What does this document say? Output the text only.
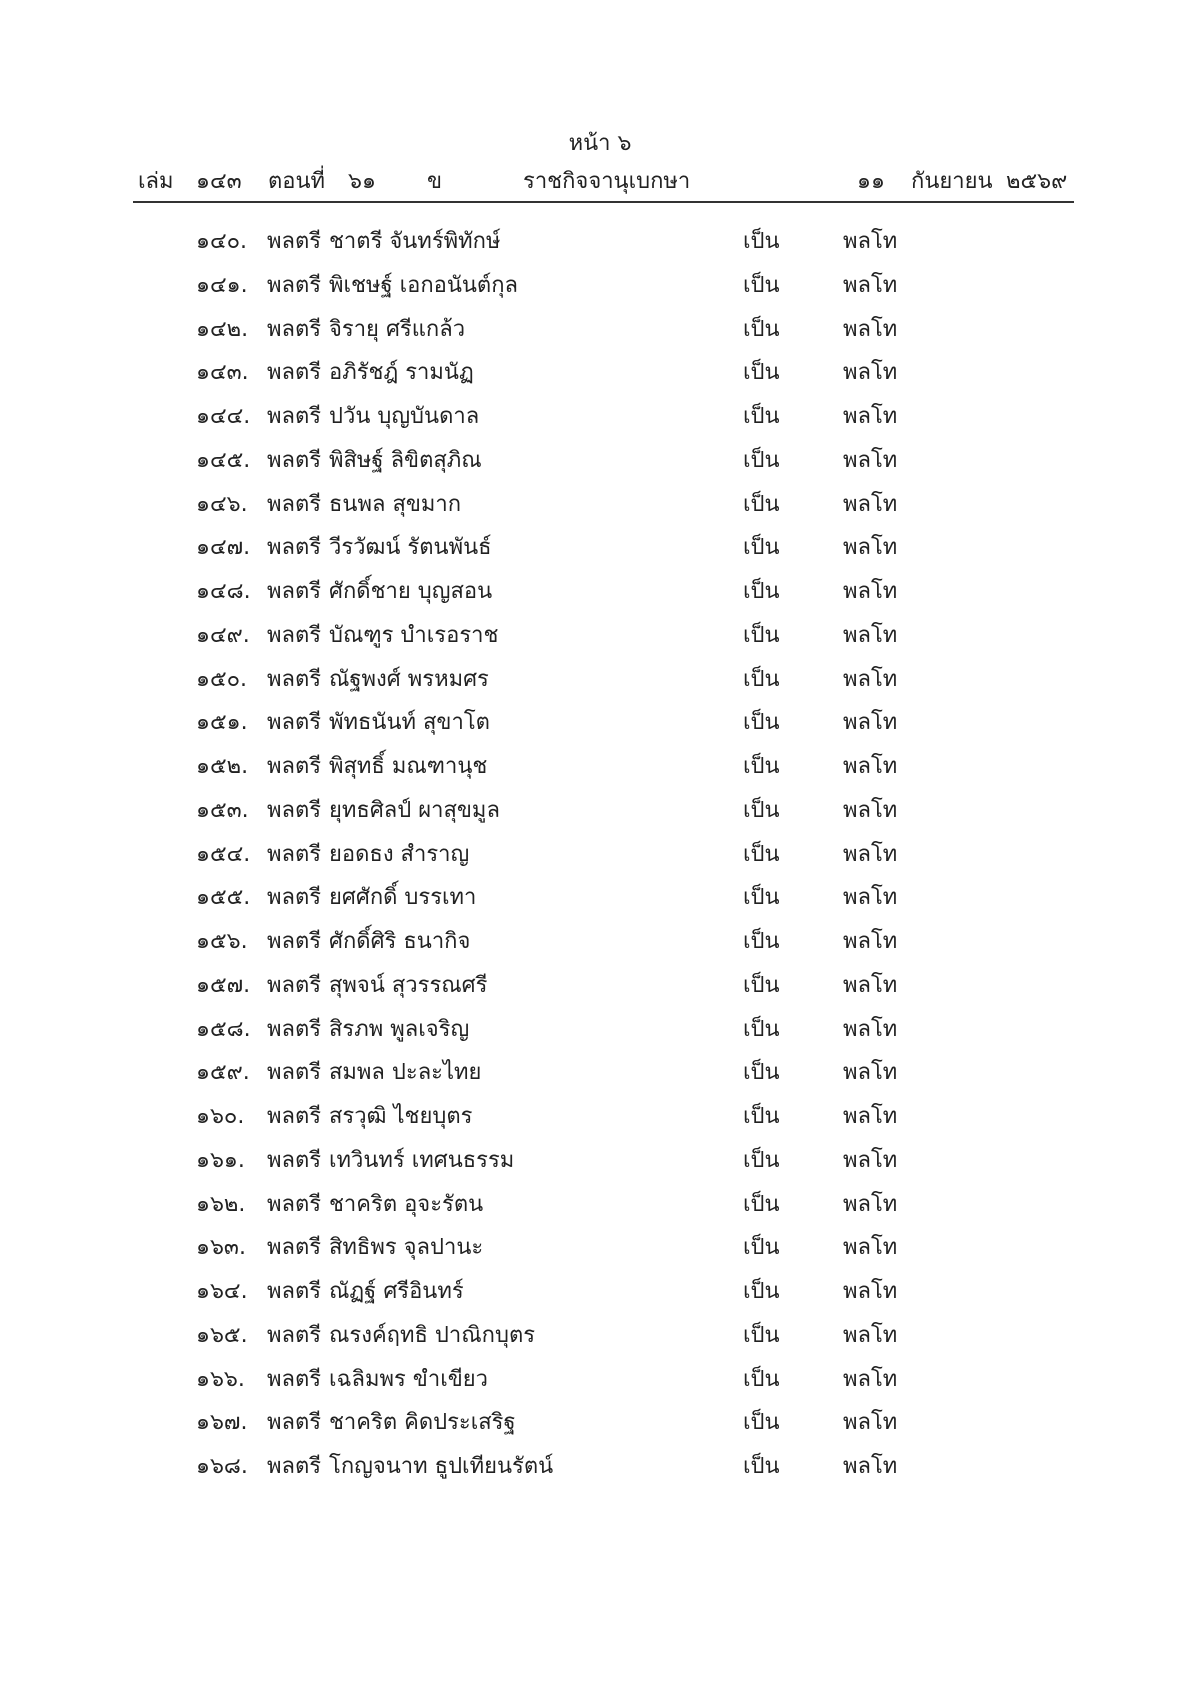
หน้า ๖
เล่ม ๑๔๓ ตอนที่ ๖๑ ข	ราชกิจจานุเบกษา	๑๑ กันยายน ๒๕๖๙
๑๔๐. พลตรี ชาตรี จันทร์พิทักษ์	เป็น	พลโท
๑๔๑. พลตรี พิเชษฐ์ เอกอนันต์กุล	เป็น	พลโท
๑๔๒. พลตรี จิรายุ ศรีแกล้ว	เป็น	พลโท
๑๔๓. พลตรี อภิรัชฎ์ รามนัฏ	เป็น	พลโท
๑๔๔. พลตรี ปวัน บุญบันดาล	เป็น	พลโท
๑๔๕. พลตรี พิสิษฐ์ ลิขิตสุภิณ	เป็น	พลโท
๑๔๖. พลตรี ธนพล สุขมาก	เป็น	พลโท
๑๔๗. พลตรี วีรวัฒน์ รัตนพันธ์	เป็น	พลโท
๑๔๘. พลตรี ศักดิ์ชาย บุญสอน	เป็น	พลโท
๑๔๙. พลตรี บัณฑูร บำเรอราช	เป็น	พลโท
๑๕๐. พลตรี ณัฐพงศ์ พรหมศร	เป็น	พลโท
๑๕๑. พลตรี พัทธนันท์ สุขาโต	เป็น	พลโท
๑๕๒. พลตรี พิสุทธิ์ มณฑานุช	เป็น	พลโท
๑๕๓. พลตรี ยุทธศิลป์ ผาสุขมูล	เป็น	พลโท
๑๕๔. พลตรี ยอดธง สำราญ	เป็น	พลโท
๑๕๕. พลตรี ยศศักดิ์ บรรเทา	เป็น	พลโท
๑๕๖. พลตรี ศักดิ์ศิริ ธนากิจ	เป็น	พลโท
๑๕๗. พลตรี สุพจน์ สุวรรณศรี	เป็น	พลโท
๑๕๘. พลตรี สิรภพ พูลเจริญ	เป็น	พลโท
๑๕๙. พลตรี สมพล ปะละไทย	เป็น	พลโท
๑๖๐. พลตรี สรวุฒิ ไชยบุตร	เป็น	พลโท
๑๖๑. พลตรี เทวินทร์ เทศนธรรม	เป็น	พลโท
๑๖๒. พลตรี ชาคริต อุจะรัตน	เป็น	พลโท
๑๖๓. พลตรี สิทธิพร จุลปานะ	เป็น	พลโท
๑๖๔. พลตรี ณัฏฐ์ ศรีอินทร์	เป็น	พลโท
๑๖๕. พลตรี ณรงค์ฤทธิ ปาณิกบุตร	เป็น	พลโท
๑๖๖. พลตรี เฉลิมพร ขำเขียว	เป็น	พลโท
๑๖๗. พลตรี ชาคริต คิดประเสริฐ	เป็น	พลโท
๑๖๘. พลตรี โกญจนาท ธูปเทียนรัตน์	เป็น	พลโท
